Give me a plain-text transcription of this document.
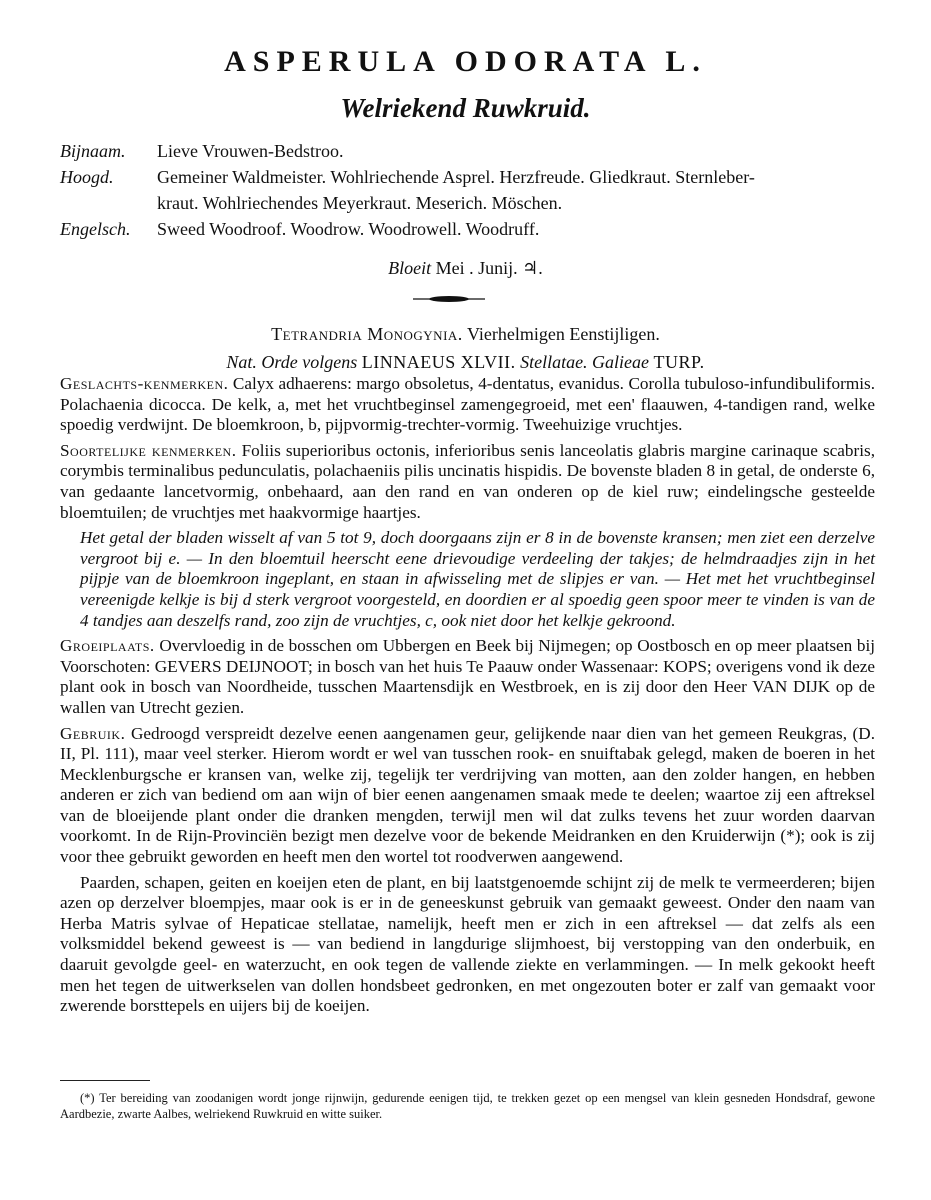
ASPERULA ODORATA L.
Welriekend Ruwkruid.
Bijnaam.	Lieve Vrouwen-Bedstroo.
Hoogd.	Gemeiner Waldmeister. Wohlriechende Asprel. Herzfreude. Gliedkraut. Sternleber-
kraut. Wohlriechendes Meyerkraut. Meserich. Möschen.
Engelsch.	Sweed Woodroof. Woodrow. Woodrowell. Woodruff.
Bloeit Mei . Junij. ♃.
Tetrandria Monogynia. Vierhelmigen Eenstijligen.
Nat. Orde volgens LINNAEUS XLVII. Stellatae. Galieae TURP.

Geslachts-kenmerken. Calyx adhaerens: margo obsoletus, 4-dentatus, evanidus. Corolla tubuloso-infundibuliformis. Polachaenia dicocca. De kelk, a, met het vruchtbeginsel zamengegroeid, met een' flaauwen, 4-tandigen rand, welke spoedig verdwijnt. De bloemkroon, b, pijpvormig-trechter-vormig. Tweehuizige vruchtjes.

Soortelijke kenmerken. Foliis superioribus octonis, inferioribus senis lanceolatis glabris margine carinaque scabris, corymbis terminalibus pedunculatis, polachaeniis pilis uncinatis hispidis. De bovenste bladen 8 in getal, de onderste 6, van gedaante lancetvormig, onbehaard, aan den rand en van onderen op de kiel ruw; eindelingsche gesteelde bloemtuilen; de vruchtjes met haakvormige haartjes.

Het getal der bladen wisselt af van 5 tot 9, doch doorgaans zijn er 8 in de bovenste kransen; men ziet een derzelve vergroot bij e. — In den bloemtuil heerscht eene drievoudige verdeeling der takjes; de helmdraadjes zijn in het pijpje van de bloemkroon ingeplant, en staan in afwisseling met de slipjes er van. — Het met het vruchtbeginsel vereenigde kelkje is bij d sterk vergroot voorgesteld, en doordien er al spoedig geen spoor meer te vinden is van de 4 tandjes aan deszelfs rand, zoo zijn de vruchtjes, c, ook niet door het kelkje gekroond.

Groeiplaats. Overvloedig in de bosschen om Ubbergen en Beek bij Nijmegen; op Oostbosch en op meer plaatsen bij Voorschoten: GEVERS DEIJNOOT; in bosch van het huis Te Paauw onder Wassenaar: KOPS; overigens vond ik deze plant ook in bosch van Noordheide, tusschen Maartensdijk en Westbroek, en is zij door den Heer VAN DIJK op de wallen van Utrecht gezien.

Gebruik. Gedroogd verspreidt dezelve eenen aangenamen geur, gelijkende naar dien van het gemeen Reukgras, (D. II, Pl. 111), maar veel sterker. Hierom wordt er wel van tusschen rook- en snuiftabak gelegd, maken de boeren in het Mecklenburgsche er kransen van, welke zij, tegelijk ter verdrijving van motten, aan den zolder hangen, en hebben anderen er zich van bediend om aan wijn of bier eenen aangenamen smaak mede te deelen; waartoe zij een aftreksel van de bloeijende plant onder die dranken mengden, terwijl men wil dat zulks tevens het zuur worden daarvan voorkomt. In de Rijn-Provinciën bezigt men dezelve voor de bekende Meidranken en den Kruiderwijn (*); ook is zij voor thee gebruikt geworden en heeft men den wortel tot roodverwen aangewend.

Paarden, schapen, geiten en koeijen eten de plant, en bij laatstgenoemde schijnt zij de melk te vermeerderen; bijen azen op derzelver bloempjes, maar ook is er in de geneeskunst gebruik van gemaakt geweest. Onder den naam van Herba Matris sylvae of Hepaticae stellatae, namelijk, heeft men er zich in een aftreksel — dat zelfs als een volksmiddel bekend geweest is — van bediend in langdurige slijmhoest, bij verstopping van den onderbuik, en daaruit gevolgde geel- en waterzucht, en ook tegen de vallende ziekte en verlammingen. — In melk gekookt heeft men het tegen de uitwerkselen van dollen hondsbeet gedronken, en met ongezouten boter er zalf van gemaakt voor zwerende borsttepels en uijers bij de koeijen.

(*) Ter bereiding van zoodanigen wordt jonge rijnwijn, gedurende eenigen tijd, te trekken gezet op een mengsel van klein gesneden Hondsdraf, gewone Aardbezie, zwarte Aalbes, welriekend Ruwkruid en witte suiker.
